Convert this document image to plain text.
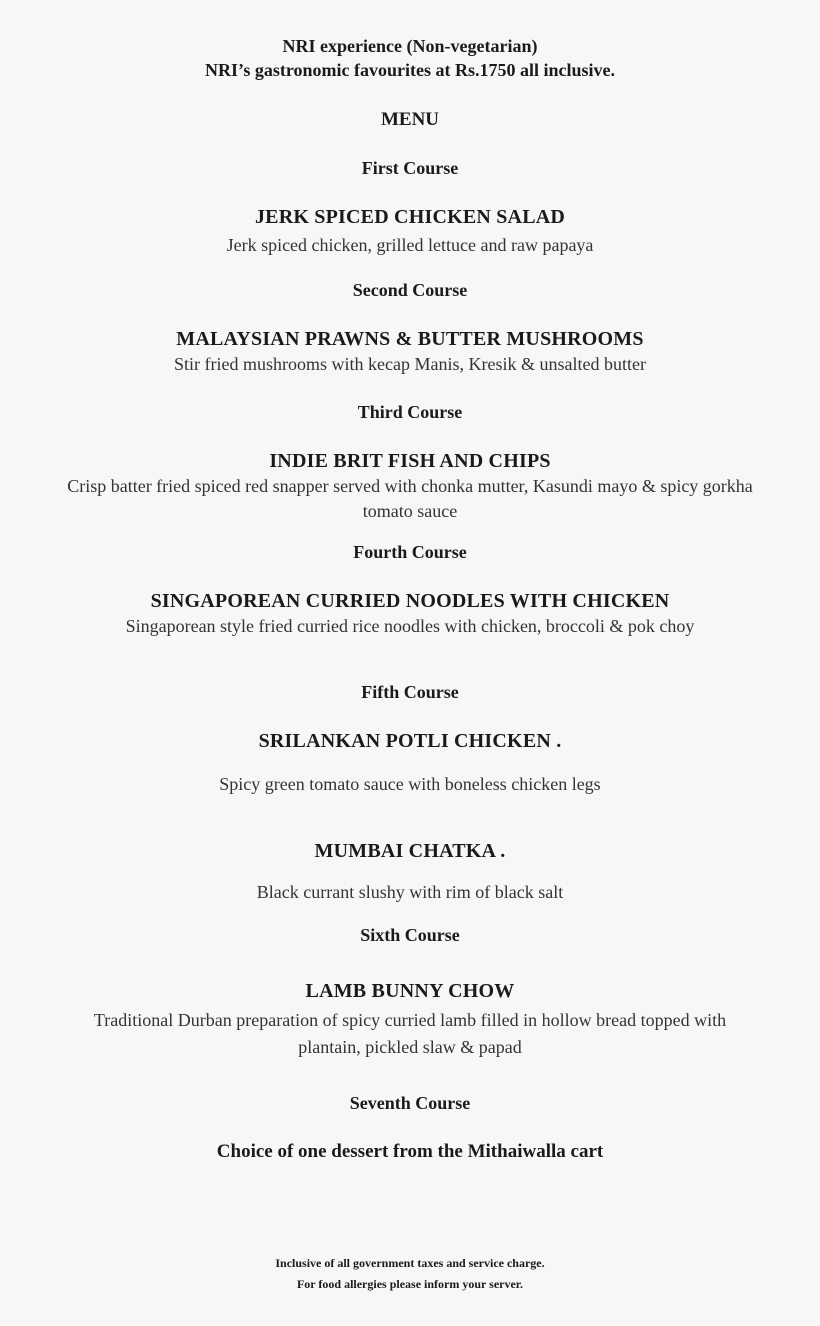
NRI experience (Non-vegetarian)
NRI’s gastronomic favourites at Rs.1750 all inclusive.
MENU
First Course
JERK SPICED CHICKEN SALAD
Jerk spiced chicken, grilled lettuce and raw papaya
Second Course
MALAYSIAN PRAWNS & BUTTER MUSHROOMS
Stir fried mushrooms with kecap Manis, Kresik & unsalted butter
Third Course
INDIE BRIT FISH AND CHIPS
Crisp batter fried spiced red snapper served with chonka mutter, Kasundi mayo & spicy gorkha
tomato sauce
Fourth Course
SINGAPOREAN CURRIED NOODLES WITH CHICKEN
Singaporean style fried curried rice noodles with chicken, broccoli & pok choy
Fifth Course
SRILANKAN POTLI CHICKEN .
Spicy green tomato sauce with boneless chicken legs
MUMBAI CHATKA .
Black currant slushy with rim of black salt
Sixth Course
LAMB BUNNY CHOW
Traditional Durban preparation of spicy curried lamb filled in hollow bread topped with
plantain, pickled slaw & papad
Seventh Course
Choice of one dessert from the Mithaiwalla cart
Inclusive of all government taxes and service charge.
For food allergies please inform your server.
